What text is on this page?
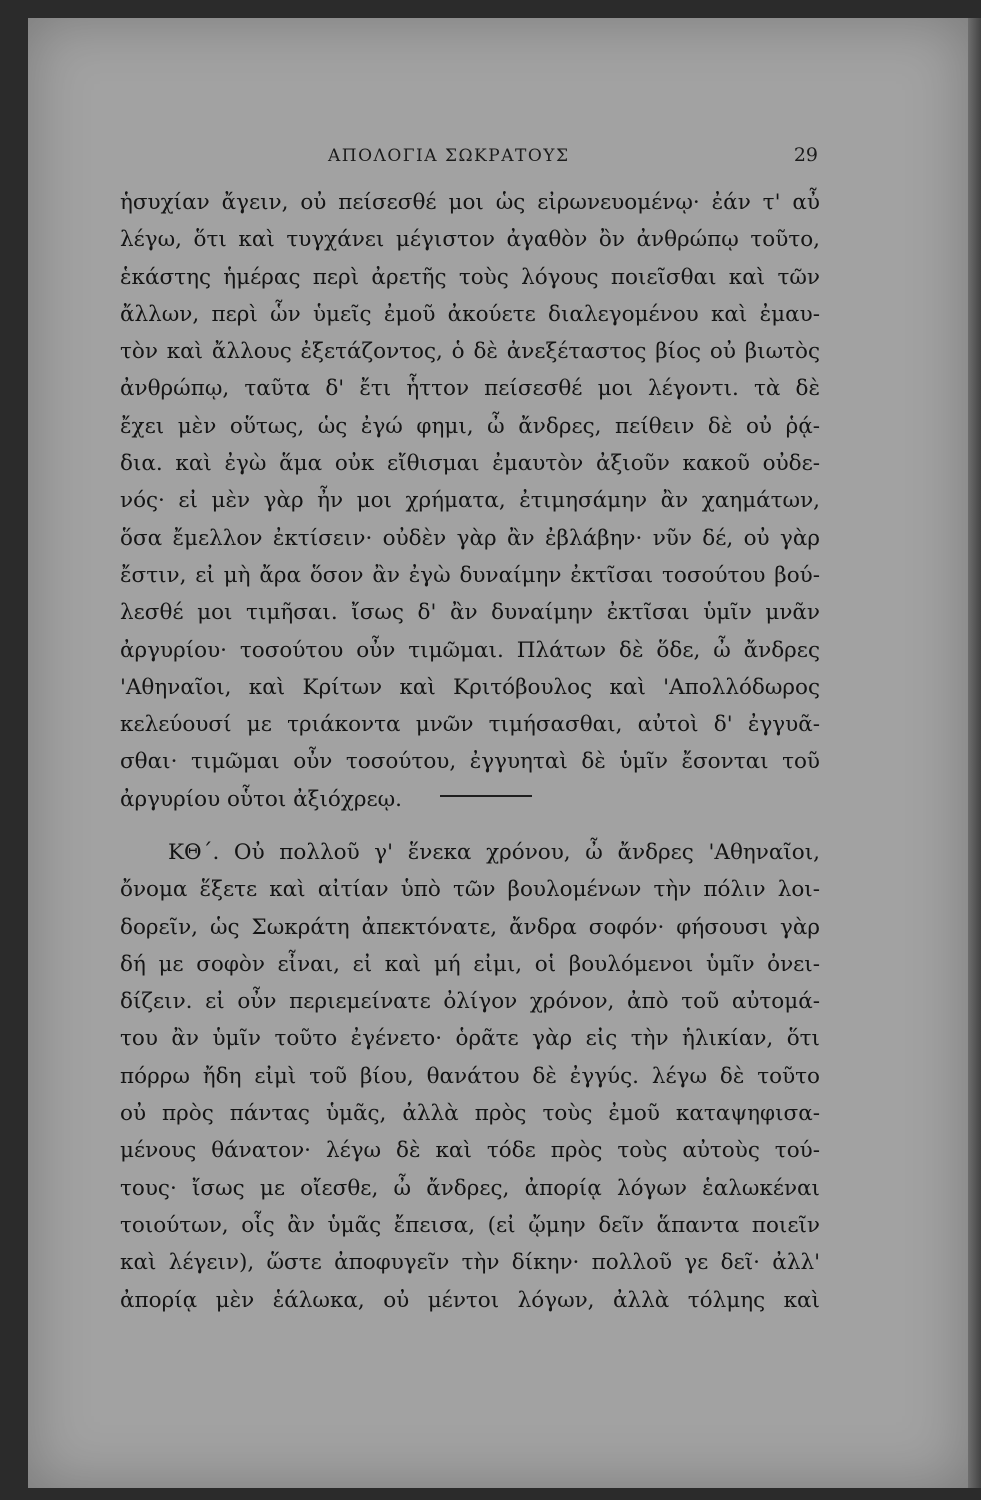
ΑΠΟΛΟΓΙΑ ΣΩΚΡΑΤΟΥΣ	29
ἡσυχίαν ἄγειν, οὐ πείσεσθέ μοι ὡς εἰρωνευομένῳ· ἐάν τ' αὖ
λέγω, ὅτι καὶ τυγχάνει μέγιστον ἀγαθὸν ὂν ἀνθρώπῳ τοῦτο,
ἑκάστης ἡμέρας περὶ ἀρετῆς τοὺς λόγους ποιεῖσθαι καὶ τῶν
ἄλλων, περὶ ὧν ὑμεῖς ἐμοῦ ἀκούετε διαλεγομένου καὶ ἐμαυ-
τὸν καὶ ἄλλους ἐξετάζοντος, ὁ δὲ ἀνεξέταστος βίος οὐ βιωτὸς
ἀνθρώπῳ, ταῦτα δ' ἔτι ἧττον πείσεσθέ μοι λέγοντι. τὰ δὲ
ἔχει μὲν οὕτως, ὡς ἐγώ φημι, ὦ ἄνδρες, πείθειν δὲ οὐ ῥᾴ-
δια. καὶ ἐγὼ ἅμα οὐκ εἴθισμαι ἐμαυτὸν ἀξιοῦν κακοῦ οὐδε-
νός· εἰ μὲν γὰρ ἦν μοι χρήματα, ἐτιμησάμην ἂν χαημάτων,
ὅσα ἔμελλον ἐκτίσειν· οὐδὲν γὰρ ἂν ἐβλάβην· νῦν δέ, οὐ γὰρ
ἔστιν, εἰ μὴ ἄρα ὅσον ἂν ἐγὼ δυναίμην ἐκτῖσαι τοσούτου βού-
λεσθέ μοι τιμῆσαι. ἴσως δ' ἂν δυναίμην ἐκτῖσαι ὑμῖν μνᾶν
ἀργυρίου· τοσούτου οὖν τιμῶμαι. Πλάτων δὲ ὅδε, ὦ ἄνδρες
'Αθηναῖοι, καὶ Κρίτων καὶ Κριτόβουλος καὶ 'Απολλόδωρος
κελεύουσί με τριάκοντα μνῶν τιμήσασθαι, αὐτοὶ δ' ἐγγυᾶ-
σθαι· τιμῶμαι οὖν τοσούτου, ἐγγυηταὶ δὲ ὑμῖν ἔσονται τοῦ
ἀργυρίου οὗτοι ἀξιόχρεῳ.
ΚΘ΄. Οὐ πολλοῦ γ' ἕνεκα χρόνου, ὦ ἄνδρες 'Αθηναῖοι,
ὄνομα ἕξετε καὶ αἰτίαν ὑπὸ τῶν βουλομένων τὴν πόλιν λοι-
δορεῖν, ὡς Σωκράτη ἀπεκτόνατε, ἄνδρα σοφόν· φήσουσι γὰρ
δή με σοφὸν εἶναι, εἰ καὶ μή εἰμι, οἱ βουλόμενοι ὑμῖν ὀνει-
δίζειν. εἰ οὖν περιεμείνατε ὀλίγον χρόνον, ἀπὸ τοῦ αὐτομά-
του ἂν ὑμῖν τοῦτο ἐγένετο· ὁρᾶτε γὰρ εἰς τὴν ἡλικίαν, ὅτι
πόρρω ἤδη εἰμὶ τοῦ βίου, θανάτου δὲ ἐγγύς. λέγω δὲ τοῦτο
οὐ πρὸς πάντας ὑμᾶς, ἀλλὰ πρὸς τοὺς ἐμοῦ καταψηφισα-
μένους θάνατον· λέγω δὲ καὶ τόδε πρὸς τοὺς αὐτοὺς τού-
τους· ἴσως με οἴεσθε, ὦ ἄνδρες, ἀπορίᾳ λόγων ἑαλωκέναι
τοιούτων, οἷς ἂν ὑμᾶς ἔπεισα, (εἰ ᾤμην δεῖν ἅπαντα ποιεῖν
καὶ λέγειν), ὥστε ἀποφυγεῖν τὴν δίκην· πολλοῦ γε δεῖ· ἀλλ'
ἀπορίᾳ μὲν ἑάλωκα, οὐ μέντοι λόγων, ἀλλὰ τόλμης καὶ
